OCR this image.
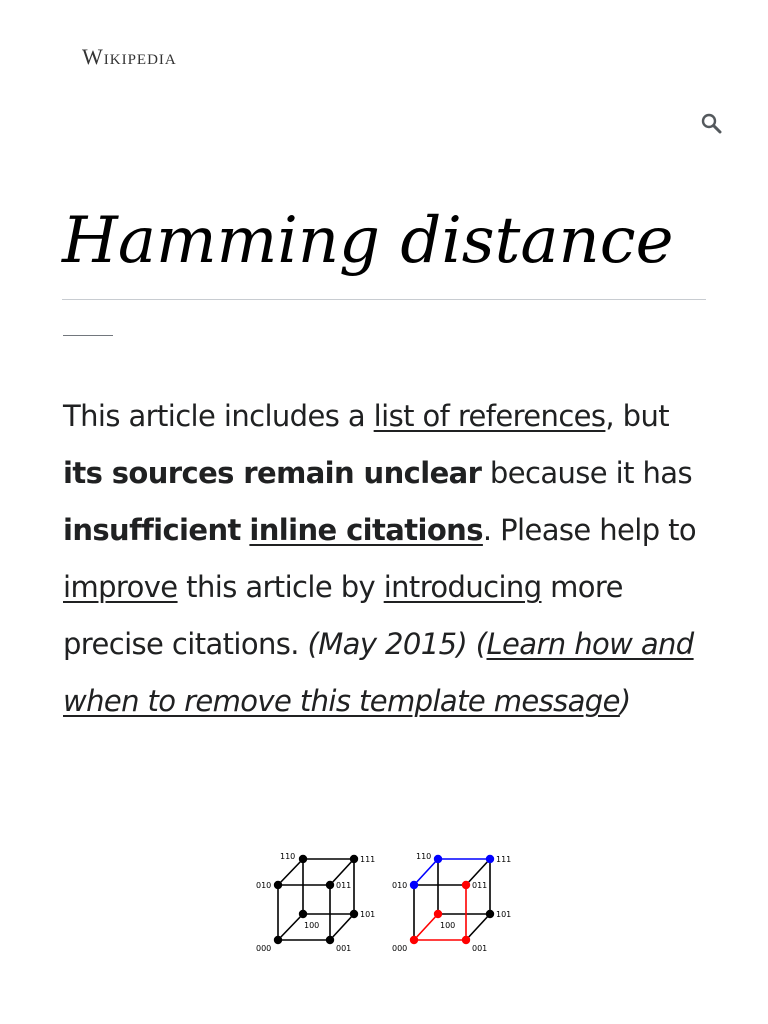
Wikipedia
Hamming distance

This article includes a list of references, but its sources remain unclear because it has insufficient inline citations. Please help to improve this article by introducing more precise citations. (May 2015) (Learn how and when to remove this template message)

110	111
010	011
100
101
000	001
110	111
010	011
100
101
000	001
